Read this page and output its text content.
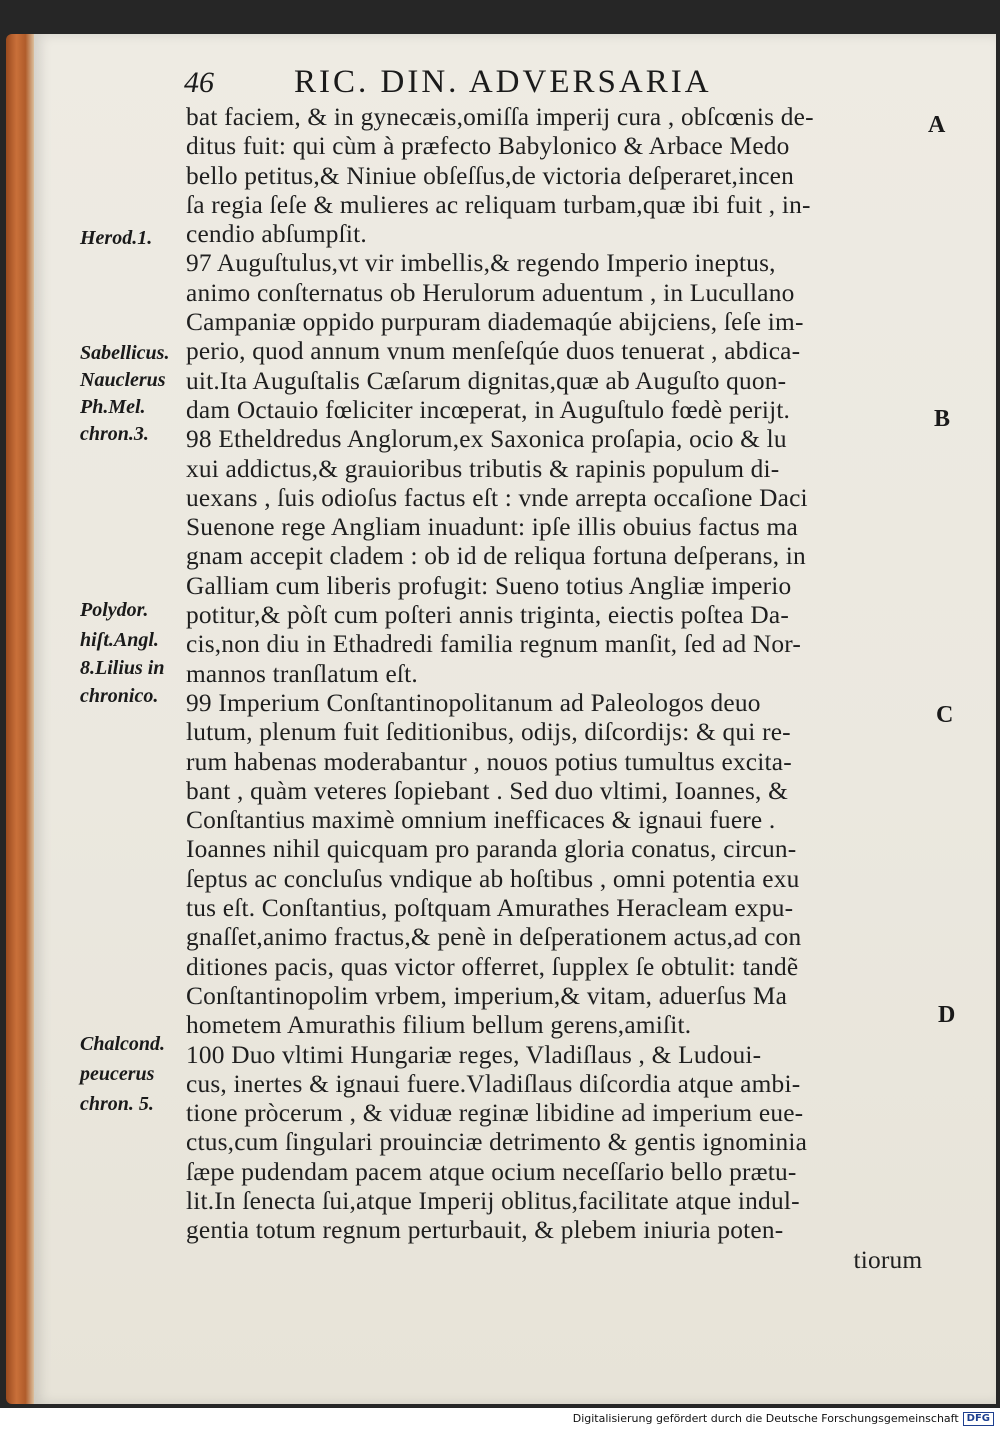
46	RIC. DIN. ADVERSARIA
bat faciem, & in gynecæis,omiſſa imperij cura , obſcœnis de-
ditus fuit: qui cùm à præfecto Babylonico & Arbace Medo
bello petitus,& Niniue obſeſſus,de victoria deſperaret,incen
ſa regia ſeſe & mulieres ac reliquam turbam,quæ ibi fuit , in-
cendio abſumpſit.
97 Auguſtulus,vt vir imbellis,& regendo Imperio ineptus,
animo conſternatus ob Herulorum aduentum , in Lucullano
Campaniæ oppido purpuram diademaqúe abijciens, ſeſe im-
perio, quod annum vnum menſeſqúe duos tenuerat , abdica-
uit.Ita Auguſtalis Cæſarum dignitas,quæ ab Auguſto quon-
dam Octauio fœliciter incœperat, in Auguſtulo fœdè perijt.
98 Etheldredus Anglorum,ex Saxonica proſapia, ocio & lu
xui addictus,& grauioribus tributis & rapinis populum di-
uexans , ſuis odioſus factus eſt : vnde arrepta occaſione Daci
Suenone rege Angliam inuadunt: ipſe illis obuius factus ma
gnam accepit cladem : ob id de reliqua fortuna deſperans, in
Galliam cum liberis profugit: Sueno totius Angliæ imperio
potitur,& pòſt cum poſteri annis triginta, eiectis poſtea Da-
cis,non diu in Ethadredi familia regnum manſit, ſed ad Nor-
mannos tranſlatum eſt.
99 Imperium Conſtantinopolitanum ad Paleologos deuo
lutum, plenum fuit ſeditionibus, odijs, diſcordijs: & qui re-
rum habenas moderabantur , nouos potius tumultus excita-
bant , quàm veteres ſopiebant . Sed duo vltimi, Ioannes, &
Conſtantius maximè omnium inefficaces & ignaui fuere .
Ioannes nihil quicquam pro paranda gloria conatus, circun-
ſeptus ac concluſus vndique ab hoſtibus , omni potentia exu
tus eſt. Conſtantius, poſtquam Amurathes Heracleam expu-
gnaſſet,animo fractus,& penè in deſperationem actus,ad con
ditiones pacis, quas victor offerret, ſupplex ſe obtulit: tandẽ
Conſtantinopolim vrbem, imperium,& vitam, aduerſus Ma
hometem Amurathis filium bellum gerens,amiſit.
100 Duo vltimi Hungariæ reges, Vladiſlaus , & Ludoui-
cus, inertes & ignaui fuere.Vladiſlaus diſcordia atque ambi-
tione pròcerum , & viduæ reginæ libidine ad imperium eue-
ctus,cum ſingulari prouinciæ detrimento & gentis ignominia
ſæpe pudendam pacem atque ocium neceſſario bello prætu-
lit.In ſenecta ſui,atque Imperij oblitus,facilitate atque indul-
gentia totum regnum perturbauit, & plebem iniuria poten-
tiorum
Herod.1.
Sabellicus.
Nauclerus
Ph.Mel.
chron.3.
Polydor.
hiſt.Angl.
8.Lilius in
chronico.
Chalcond.
peucerus
chron. 5.
A
B
C
D
Digitalisierung gefördert durch die Deutsche Forschungsgemeinschaft DFG
